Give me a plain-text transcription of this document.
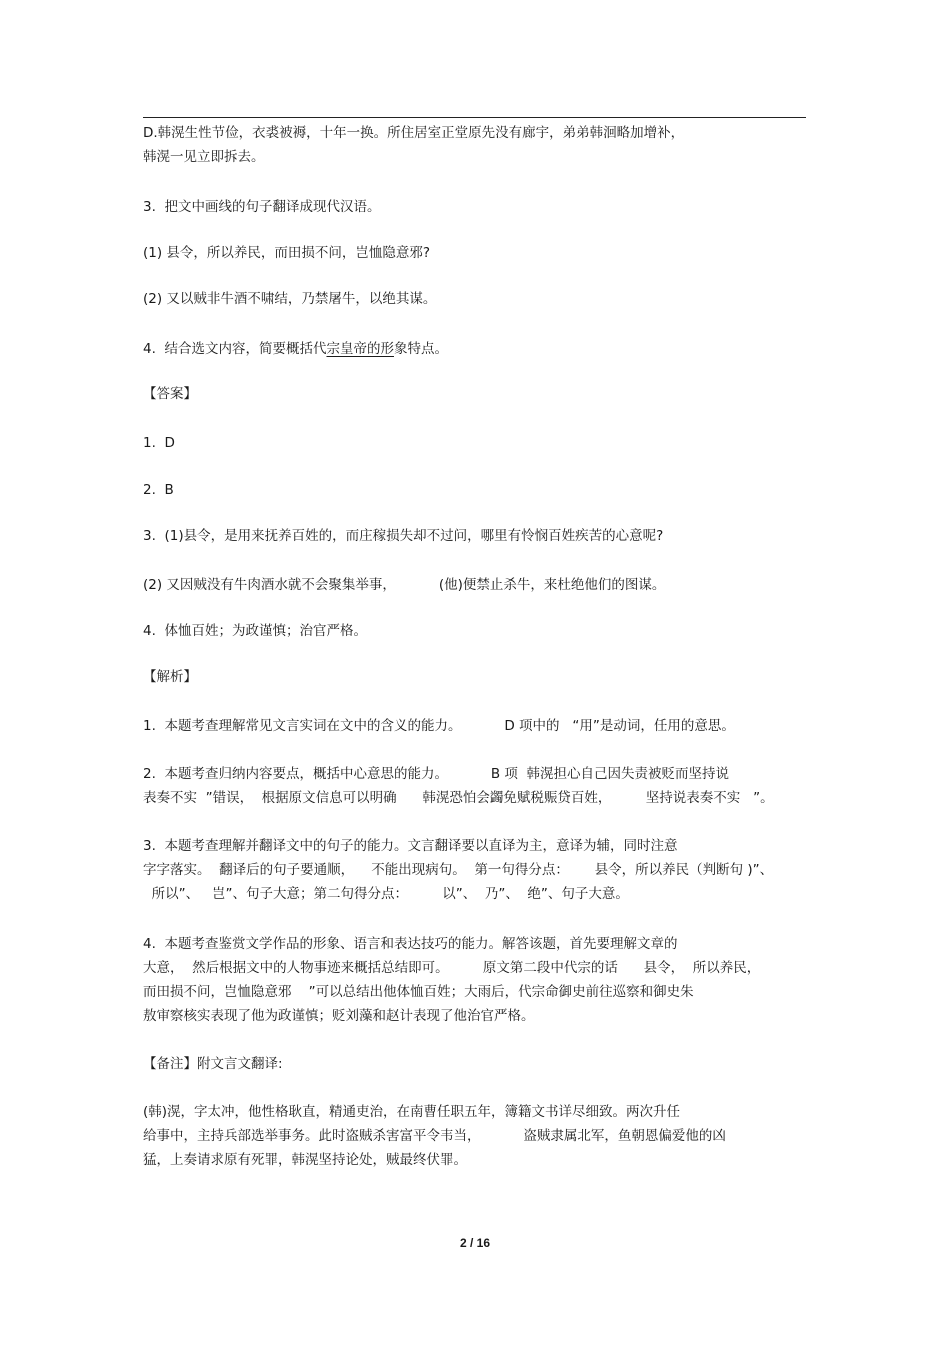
D.韩滉生性节俭，衣裘被褥，十年一换。所住居室正堂原先没有廊宇，弟弟韩洄略加增补，
韩滉一见立即拆去。
3.  把文中画线的句子翻译成现代汉语。
(1) 县令，所以养民，而田损不问，岂恤隐意邪?
(2) 又以贼非牛酒不啸结，乃禁屠牛，以绝其谋。
4.  结合选文内容，简要概括代宗皇帝的形象特点。
【答案】
1.  D
2.  B
3.  (1)县令，是用来抚养百姓的，而庄稼损失却不过问，哪里有怜悯百姓疾苦的心意呢?
(2) 又因贼没有牛肉酒水就不会聚集举事，          (他)便禁止杀牛，来杜绝他们的图谋。
4.  体恤百姓；为政谨慎；治官严格。
【解析】
1.  本题考查理解常见文言实词在文中的含义的能力。          D 项中的   “用”是动词，任用的意思。
2.  本题考查归纳内容要点，概括中心意思的能力。          B 项  韩滉担心自己因失责被贬而坚持说
表奏不实  ”错误，  根据原文信息可以明确      韩滉恐怕会蠲免赋税赈贷百姓，        坚持说表奏不实   ”。
3.  本题考查理解并翻译文中的句子的能力。文言翻译要以直译为主，意译为辅，同时注意
字字落实。  翻译后的句子要通顺，    不能出现病句。  第一句得分点：      县令，所以养民（判断句 )”、
所以”、   岂”、句子大意；第二句得分点：        以”、  乃”、  绝”、句子大意。
4.  本题考查鉴赏文学作品的形象、语言和表达技巧的能力。解答该题，首先要理解文章的
大意，  然后根据文中的人物事迹来概括总结即可。        原文第二段中代宗的话      县令，  所以养民，
而田损不问，岂恤隐意邪    ”可以总结出他体恤百姓；大雨后，代宗命御史前往巡察和御史朱
敖审察核实表现了他为政谨慎；贬刘藻和赵计表现了他治官严格。
【备注】附文言文翻译:
(韩)滉，字太冲，他性格耿直，精通吏治，在南曹任职五年，簿籍文书详尽细致。两次升任
给事中，主持兵部选举事务。此时盗贼杀害富平令韦当，          盗贼隶属北军，鱼朝恩偏爱他的凶
猛，上奏请求原有死罪，韩滉坚持论处，贼最终伏罪。
2 / 16
